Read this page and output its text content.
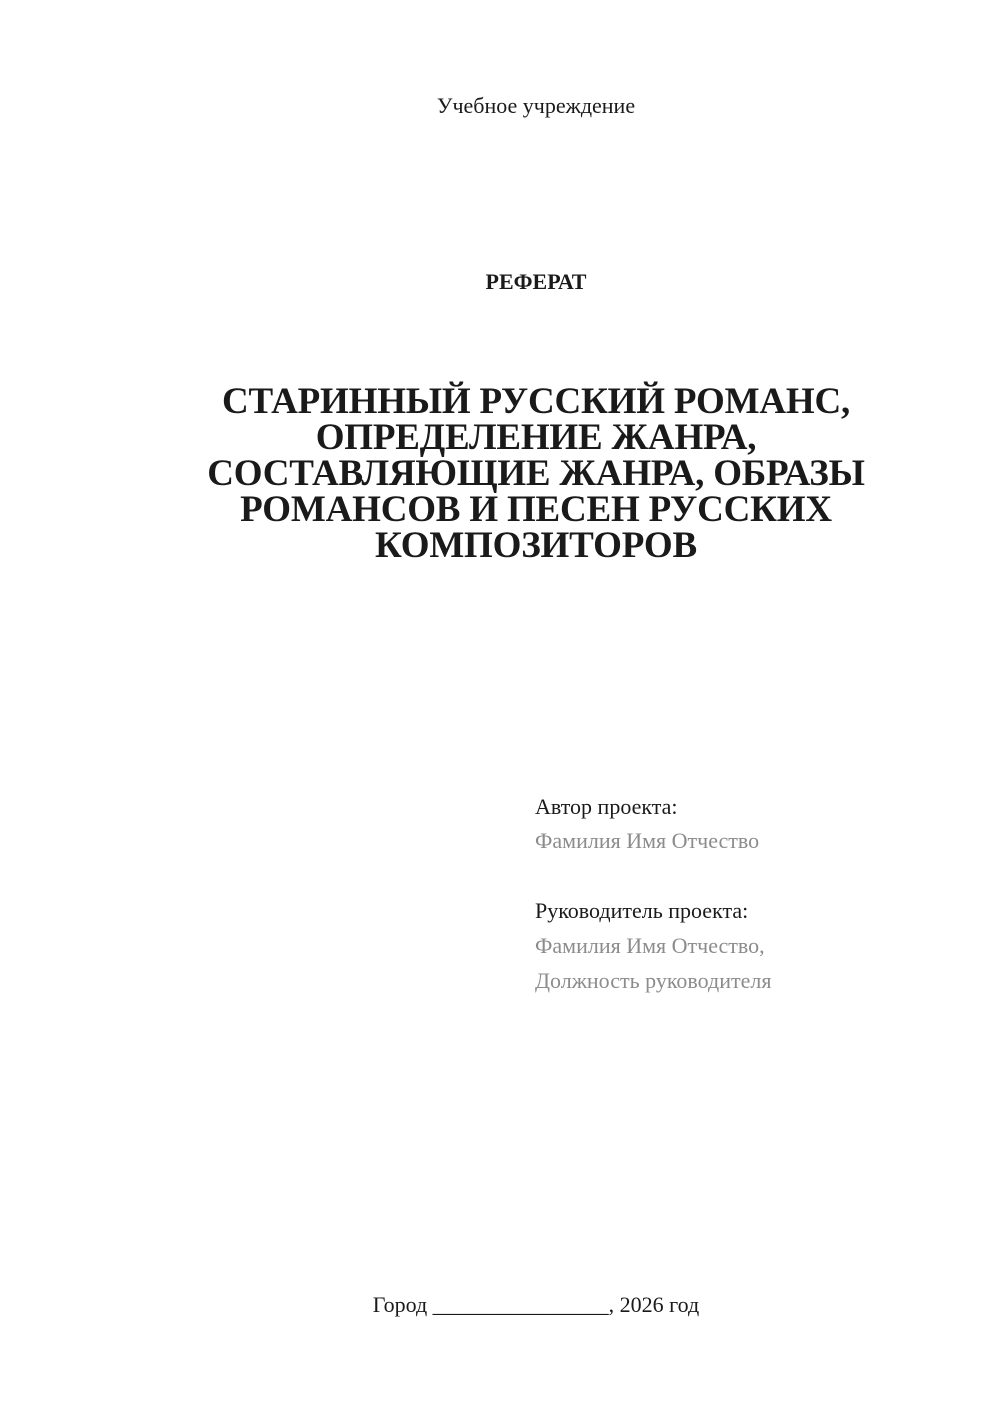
Учебное учреждение
РЕФЕРАТ
СТАРИННЫЙ РУССКИЙ РОМАНС,
ОПРЕДЕЛЕНИЕ ЖАНРА,
СОСТАВЛЯЮЩИЕ ЖАНРА, ОБРАЗЫ
РОМАНСОВ И ПЕСЕН РУССКИХ
КОМПОЗИТОРОВ
Автор проекта:
Фамилия Имя Отчество
Руководитель проекта:
Фамилия Имя Отчество,
Должность руководителя
Город ________________, 2026 год
